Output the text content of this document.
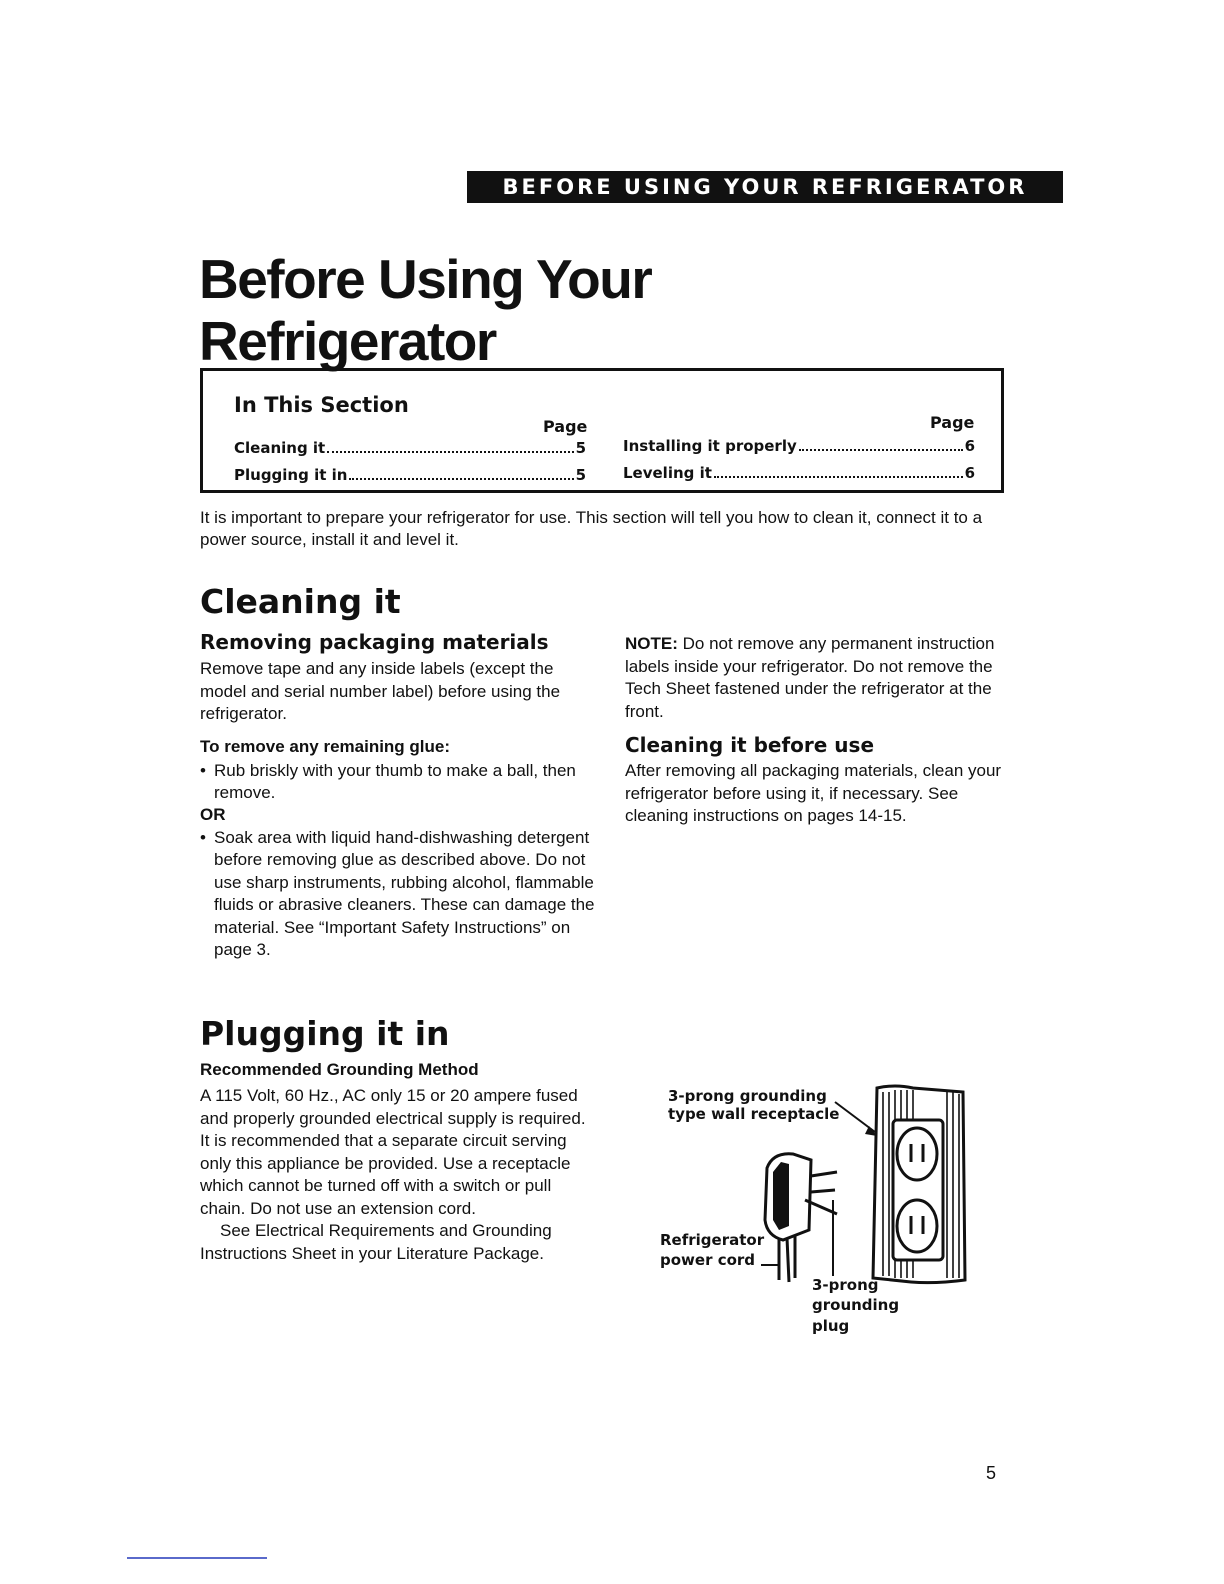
BEFORE USING YOUR REFRIGERATOR
Before Using Your
Refrigerator
In This Section
Page	Page
Cleaning it	5
Plugging it in	5
Installing it properly	6
Leveling it	6
It is important to prepare your refrigerator for use. This section will tell you how to clean it, connect it to a power source, install it and level it.
Cleaning it
Removing packaging materials
Remove tape and any inside labels (except the model and serial number label) before using the refrigerator.
To remove any remaining glue:
• Rub briskly with your thumb to make a ball, then remove.
OR
• Soak area with liquid hand-dishwashing detergent before removing glue as described above. Do not use sharp instruments, rubbing alcohol, flammable fluids or abrasive cleaners. These can damage the material. See “Important Safety Instructions” on page 3.
NOTE: Do not remove any permanent instruction labels inside your refrigerator. Do not remove the Tech Sheet fastened under the refrigerator at the front.
Cleaning it before use
After removing all packaging materials, clean your refrigerator before using it, if necessary. See cleaning instructions on pages 14-15.
Plugging it in
Recommended Grounding Method
A 115 Volt, 60 Hz., AC only 15 or 20 ampere fused and properly grounded electrical supply is required. It is recommended that a separate circuit serving only this appliance be provided. Use a receptacle which cannot be turned off with a switch or pull chain. Do not use an extension cord.
See Electrical Requirements and Grounding Instructions Sheet in your Literature Package.
3-prong grounding
type wall receptacle
Refrigerator
power cord
3-prong
grounding
plug
5
